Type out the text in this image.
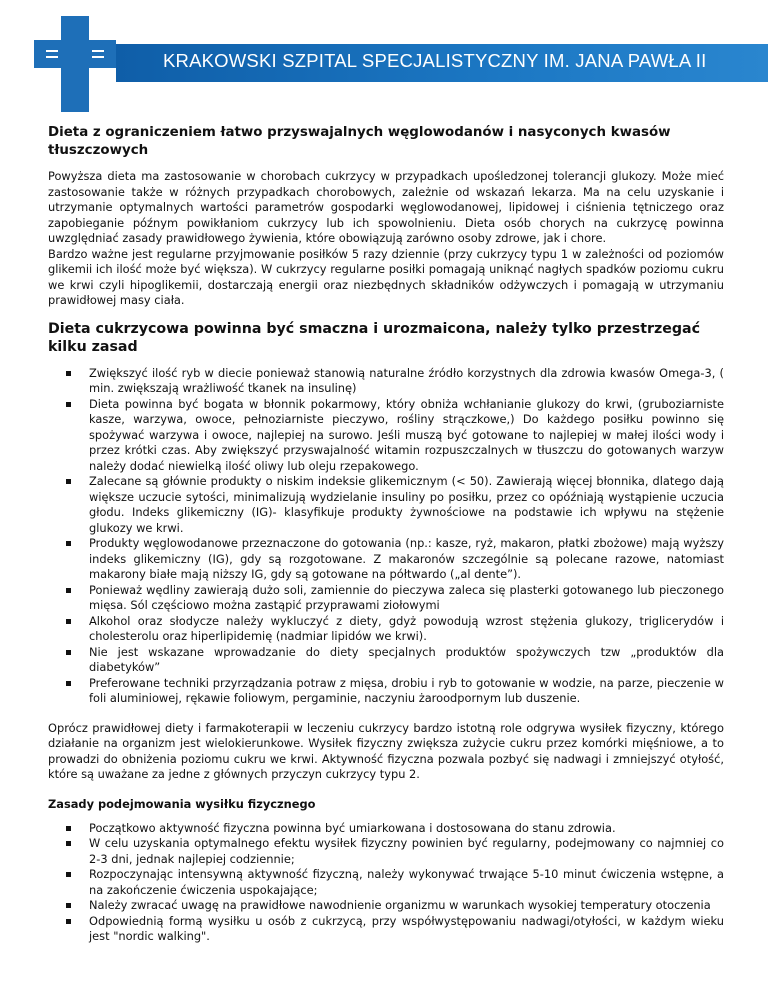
KRAKOWSKI SZPITAL SPECJALISTYCZNY IM. JANA PAWŁA II
Dieta z ograniczeniem łatwo przyswajalnych węglowodanów i nasyconych kwasów tłuszczowych

Powyższa dieta ma zastosowanie w chorobach cukrzycy w przypadkach upośledzonej tolerancji glukozy. Może mieć zastosowanie także w różnych przypadkach chorobowych, zależnie od wskazań lekarza. Ma na celu uzyskanie i utrzymanie optymalnych wartości parametrów gospodarki węglowodanowej, lipidowej i ciśnienia tętniczego oraz zapobieganie późnym powikłaniom cukrzycy lub ich spowolnieniu. Dieta osób chorych na cukrzycę powinna uwzględniać zasady prawidłowego żywienia, które obowiązują zarówno osoby zdrowe, jak i chore.

Bardzo ważne jest regularne przyjmowanie posiłków 5 razy dziennie (przy cukrzycy typu 1 w zależności od poziomów glikemii ich ilość może być większa). W cukrzycy regularne posiłki pomagają uniknąć nagłych spadków poziomu cukru we krwi czyli hipoglikemii, dostarczają energii oraz niezbędnych składników odżywczych i pomagają w utrzymaniu prawidłowej masy ciała.

Dieta cukrzycowa powinna być smaczna i urozmaicona, należy tylko przestrzegać kilku zasad
Zwiększyć ilość ryb w diecie ponieważ stanowią naturalne źródło korzystnych dla zdrowia kwasów Omega-3, ( min. zwiększają wrażliwość tkanek na insulinę)
Dieta powinna być bogata w błonnik pokarmowy, który obniża wchłanianie glukozy do krwi, (gruboziarniste kasze, warzywa, owoce, pełnoziarniste pieczywo, rośliny strączkowe,) Do każdego posiłku powinno się spożywać warzywa i owoce, najlepiej na surowo. Jeśli muszą być gotowane to najlepiej w małej ilości wody i przez krótki czas. Aby zwiększyć przyswajalność witamin rozpuszczalnych w tłuszczu do gotowanych warzyw należy dodać niewielką ilość oliwy lub oleju rzepakowego.
Zalecane są głównie produkty o niskim indeksie glikemicznym (< 50). Zawierają więcej błonnika, dlatego dają większe uczucie sytości, minimalizują wydzielanie insuliny po posiłku, przez co opóźniają wystąpienie uczucia głodu. Indeks glikemiczny (IG)- klasyfikuje produkty żywnościowe na podstawie ich wpływu na stężenie glukozy we krwi.
Produkty węglowodanowe przeznaczone do gotowania (np.: kasze, ryż, makaron, płatki zbożowe) mają wyższy indeks glikemiczny (IG), gdy są rozgotowane. Z makaronów szczególnie są polecane razowe, natomiast makarony białe mają niższy IG, gdy są gotowane na półtwardo („al dente”).
Ponieważ wędliny zawierają dużo soli, zamiennie do pieczywa zaleca się plasterki gotowanego lub pieczonego mięsa. Sól częściowo można zastąpić przyprawami ziołowymi
Alkohol oraz słodycze należy wykluczyć z diety, gdyż powodują wzrost stężenia glukozy, triglicerydów i cholesterolu oraz hiperlipidemię (nadmiar lipidów we krwi).
Nie jest wskazane wprowadzanie do diety specjalnych produktów spożywczych tzw „produktów dla diabetyków”
Preferowane techniki przyrządzania potraw z mięsa, drobiu i ryb to gotowanie w wodzie, na parze, pieczenie w foli aluminiowej, rękawie foliowym, pergaminie, naczyniu żaroodpornym lub duszenie.

Oprócz prawidłowej diety i farmakoterapii w leczeniu cukrzycy bardzo istotną role odgrywa wysiłek fizyczny, którego działanie na organizm jest wielokierunkowe. Wysiłek fizyczny zwiększa zużycie cukru przez komórki mięśniowe, a to prowadzi do obniżenia poziomu cukru we krwi. Aktywność fizyczna pozwala pozbyć się nadwagi i zmniejszyć otyłość, które są uważane za jedne z głównych przyczyn cukrzycy typu 2.

Zasady podejmowania wysiłku fizycznego
Początkowo aktywność fizyczna powinna być umiarkowana i dostosowana do stanu zdrowia.
W celu uzyskania optymalnego efektu wysiłek fizyczny powinien być regularny, podejmowany co najmniej co 2-3 dni, jednak najlepiej codziennie;
Rozpoczynając intensywną aktywność fizyczną, należy wykonywać trwające 5-10 minut ćwiczenia wstępne, a na zakończenie ćwiczenia uspokajające;
Należy zwracać uwagę na prawidłowe nawodnienie organizmu w warunkach wysokiej temperatury otoczenia
Odpowiednią formą wysiłku u osób z cukrzycą, przy współwystępowaniu nadwagi/otyłości, w każdym wieku jest "nordic walking".
